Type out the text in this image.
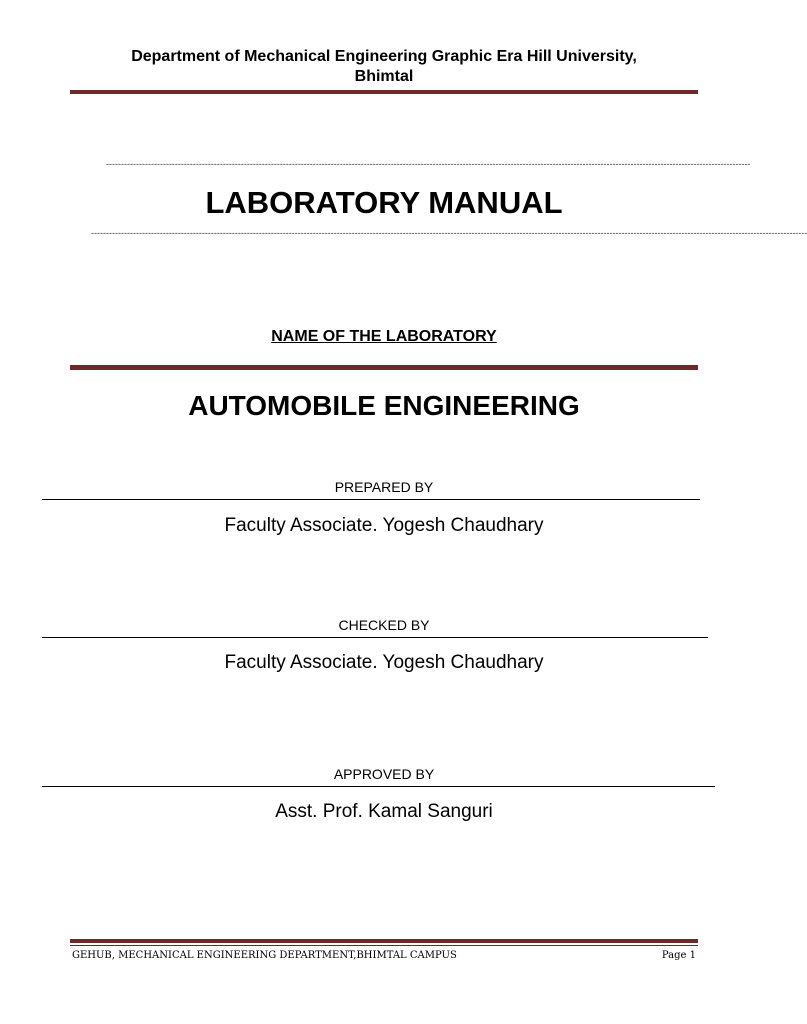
Department of Mechanical Engineering Graphic Era Hill University,
Bhimtal
-----------------------------------------------------------------------------------------------------------------------------------------------------------------------------------------------------------------------
LABORATORY MANUAL
-----------------------------------------------------------------------------------------------------------------------------------------------------------------------------------------------------------------------------------------------
NAME OF THE LABORATORY
AUTOMOBILE ENGINEERING
PREPARED BY
Faculty Associate. Yogesh Chaudhary
CHECKED BY
Faculty Associate. Yogesh Chaudhary
APPROVED BY
Asst. Prof. Kamal Sanguri
GEHUB, MECHANICAL ENGINEERING DEPARTMENT,BHIMTAL CAMPUS	Page 1
